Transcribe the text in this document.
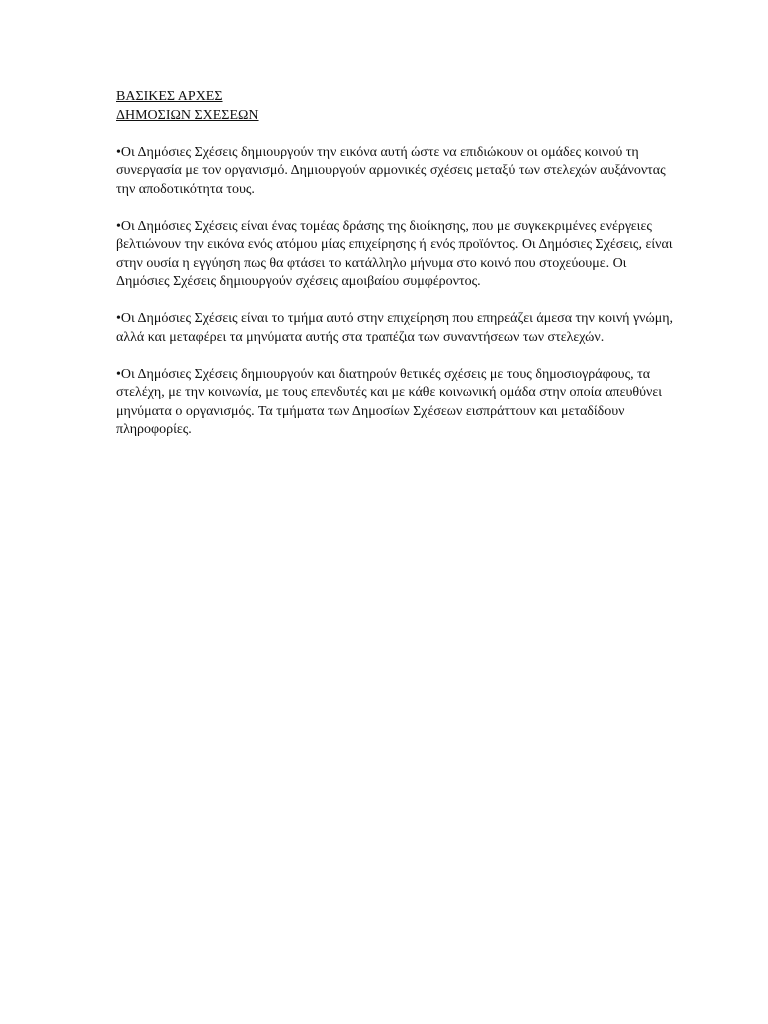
ΒΑΣΙΚΕΣ ΑΡΧΕΣ
ΔΗΜΟΣΙΩΝ ΣΧΕΣΕΩΝ

•Οι Δημόσιες Σχέσεις δημιουργούν την εικόνα αυτή ώστε να επιδιώκουν οι ομάδες κοινού τη συνεργασία με τον οργανισμό. Δημιουργούν αρμονικές σχέσεις μεταξύ των στελεχών αυξάνοντας την αποδοτικότητα τους.

•Οι Δημόσιες Σχέσεις είναι ένας τομέας δράσης της διοίκησης, που με συγκεκριμένες ενέργειες βελτιώνουν την εικόνα ενός ατόμου μίας επιχείρησης ή ενός προϊόντος. Οι Δημόσιες Σχέσεις, είναι στην ουσία η εγγύηση πως θα φτάσει το κατάλληλο μήνυμα στο κοινό που στοχεύουμε. Οι Δημόσιες Σχέσεις δημιουργούν σχέσεις αμοιβαίου συμφέροντος.

•Οι Δημόσιες Σχέσεις είναι το τμήμα αυτό στην επιχείρηση που επηρεάζει άμεσα την κοινή γνώμη, αλλά και μεταφέρει τα μηνύματα αυτής στα τραπέζια των συναντήσεων των στελεχών.

•Οι Δημόσιες Σχέσεις δημιουργούν και διατηρούν θετικές σχέσεις με τους δημοσιογράφους, τα στελέχη, με την κοινωνία, με τους επενδυτές και με κάθε κοινωνική ομάδα στην οποία απευθύνει μηνύματα ο οργανισμός. Τα τμήματα των Δημοσίων Σχέσεων εισπράττουν και μεταδίδουν πληροφορίες.
